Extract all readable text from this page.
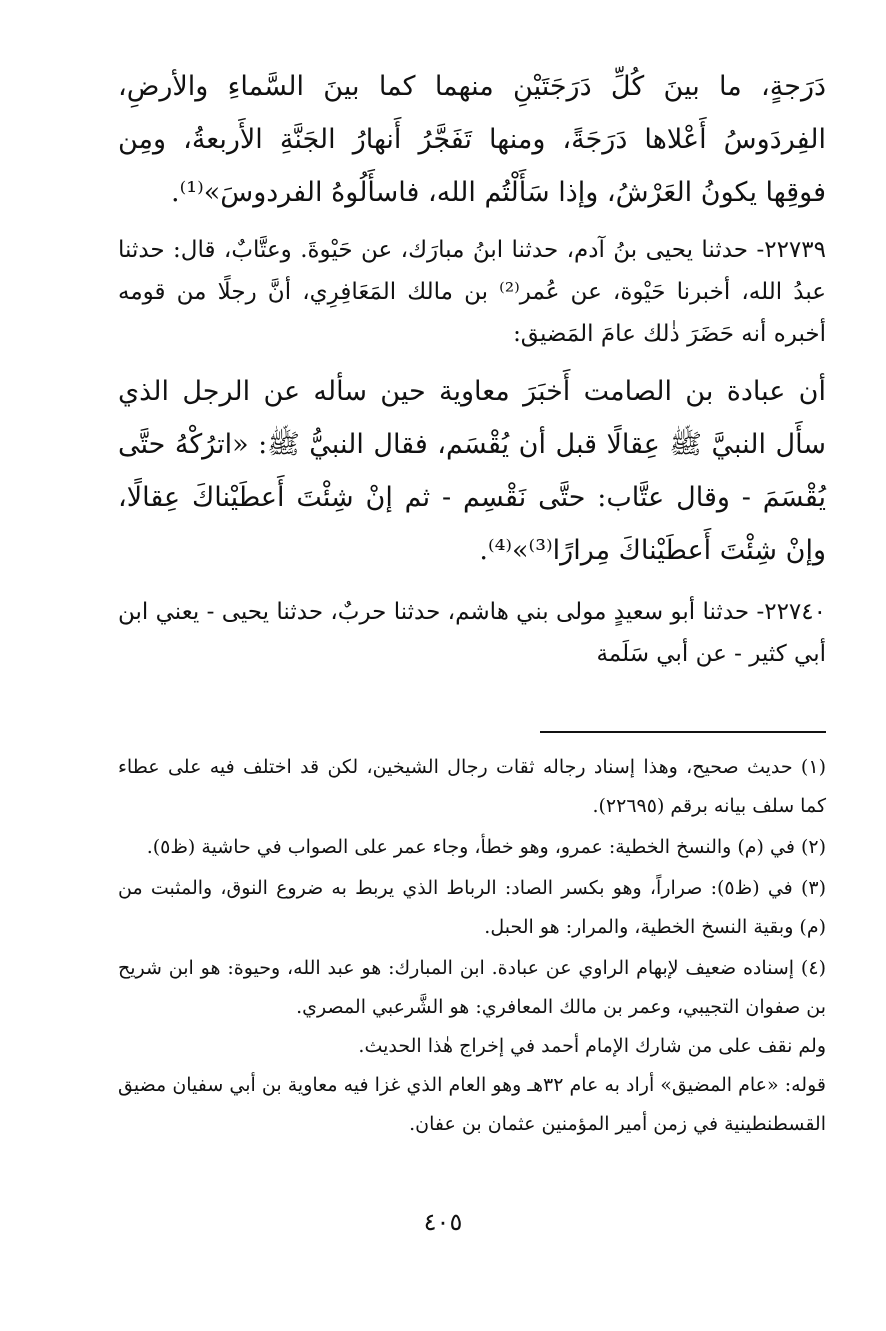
دَرَجةٍ، ما بينَ كُلِّ دَرَجَتَيْنِ منهما كما بينَ السَّماءِ والأرضِ، الفِردَوسُ أَعْلاها دَرَجَةً، ومنها تَفَجَّرُ أَنهارُ الجَنَّةِ الأَربعةُ، ومِن فوقِها يكونُ العَرْشُ، وإذا سَأَلْتُم الله، فاسأَلُوهُ الفردوسَ»⁽¹⁾.

٢٢٧٣٩- حدثنا يحيى بنُ آدم، حدثنا ابنُ مبارَك، عن حَيْوةَ. وعتَّابٌ، قال: حدثنا عبدُ الله، أخبرنا حَيْوة، عن عُمر⁽²⁾ بن مالك المَعَافِرِي، أنَّ رجلًا من قومه أخبره أنه حَضَرَ ذٰلك عامَ المَضيق:

أن عبادة بن الصامت أَخبَرَ معاوية حين سأله عن الرجل الذي سأَل النبيَّ ﷺ عِقالًا قبل أن يُقْسَم، فقال النبيُّ ﷺ: «اترُكْهُ حتَّى يُقْسَمَ - وقال عتَّاب: حتَّى نَقْسِم - ثم إنْ شِئْتَ أَعطَيْناكَ عِقالًا، وإنْ شِئْتَ أَعطَيْناكَ مِرارًا⁽³⁾»⁽⁴⁾.

٢٢٧٤٠- حدثنا أبو سعيدٍ مولى بني هاشم، حدثنا حربٌ، حدثنا يحيى - يعني ابن أبي كثير - عن أبي سَلَمة

(١) حديث صحيح، وهذا إسناد رجاله ثقات رجال الشيخين، لكن قد اختلف فيه على عطاء كما سلف بيانه برقم (٢٢٦٩٥).

(٢) في (م) والنسخ الخطية: عمرو، وهو خطأ، وجاء عمر على الصواب في حاشية (ظ٥).

(٣) في (ظ٥): صراراً، وهو بكسر الصاد: الرباط الذي يربط به ضروع النوق، والمثبت من (م) وبقية النسخ الخطية، والمرار: هو الحبل.

(٤) إسناده ضعيف لإبهام الراوي عن عبادة. ابن المبارك: هو عبد الله، وحيوة: هو ابن شريح بن صفوان التجيبي، وعمر بن مالك المعافري: هو الشَّرعبي المصري.

ولم نقف على من شارك الإمام أحمد في إخراج هٰذا الحديث.

قوله: «عام المضيق» أراد به عام ٣٢هـ وهو العام الذي غزا فيه معاوية بن أبي سفيان مضيق القسطنطينية في زمن أمير المؤمنين عثمان بن عفان.

٤٠٥
